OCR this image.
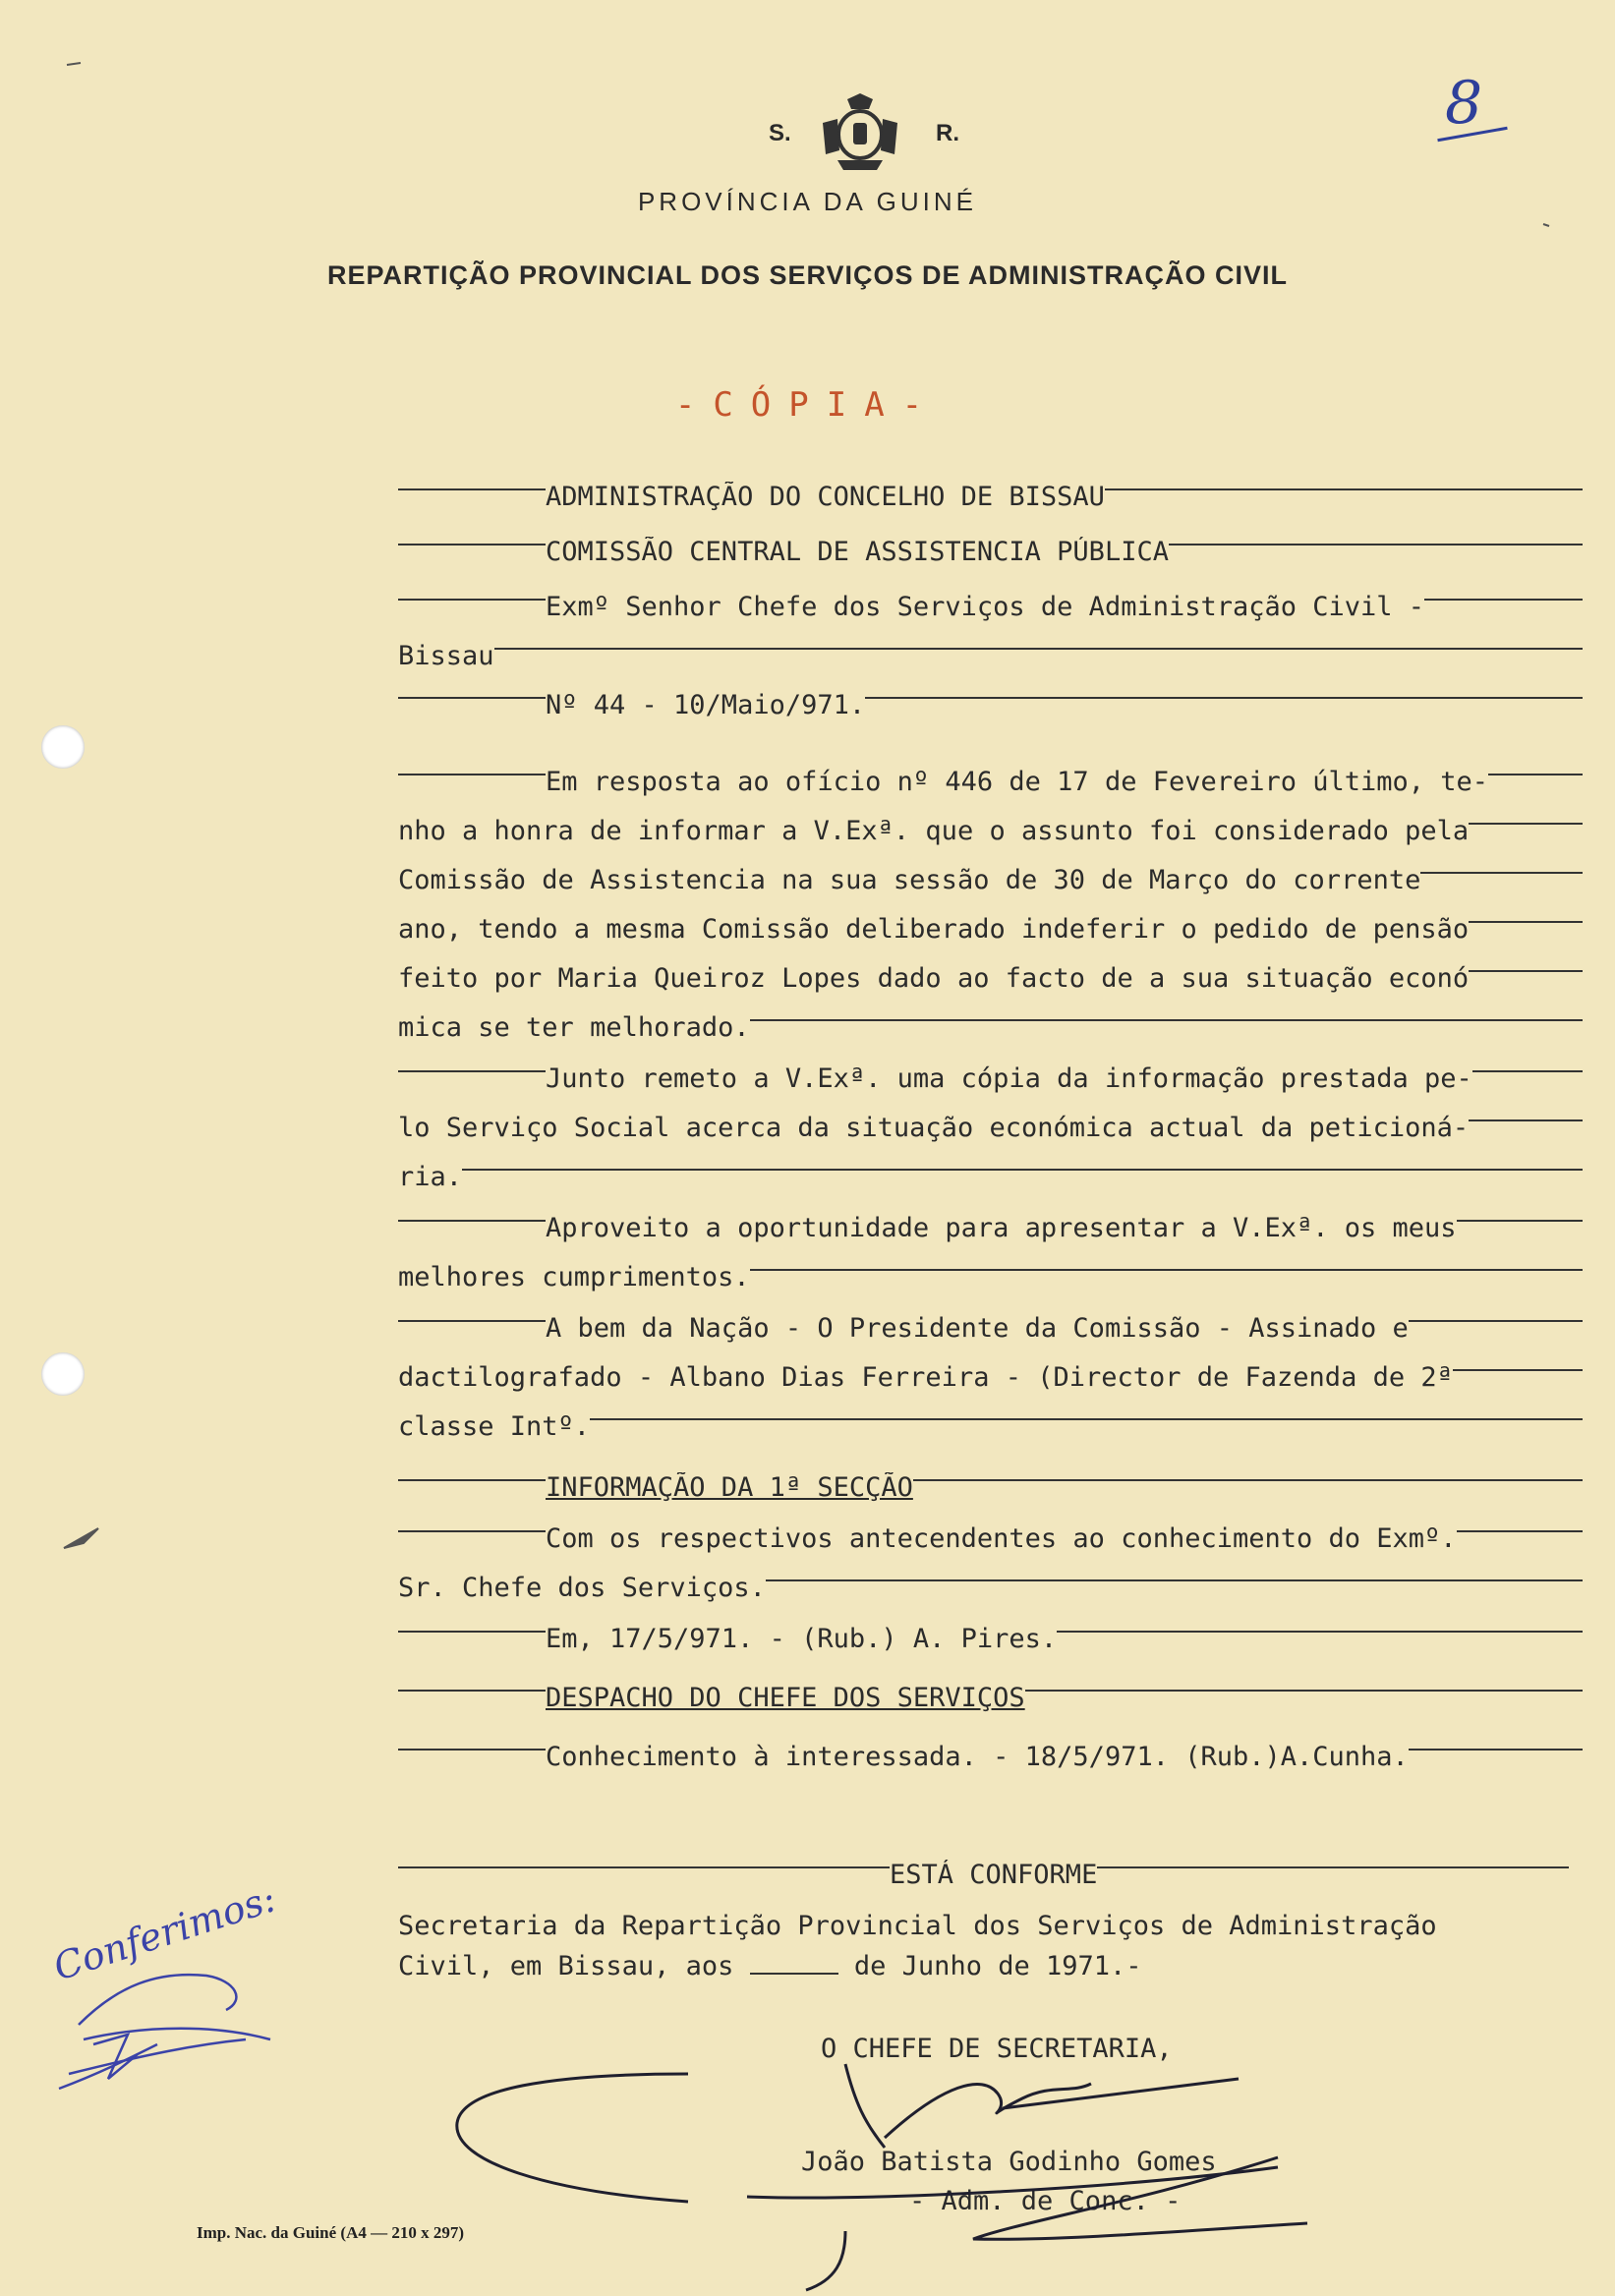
S.	R.
PROVÍNCIA DA GUINÉ
REPARTIÇÃO PROVINCIAL DOS SERVIÇOS DE ADMINISTRAÇÃO CIVIL
-CÓPIA-
8
ADMINISTRAÇÃO DO CONCELHO DE BISSAU
COMISSÃO CENTRAL DE ASSISTENCIA PÚBLICA
Exmº Senhor Chefe dos Serviços de Administração Civil -
Bissau
Nº 44 - 10/Maio/971.
Em resposta ao ofício nº 446 de 17 de Fevereiro último, te-
nho a honra de informar a V.Exª. que o assunto foi considerado pela
Comissão de Assistencia na sua sessão de 30 de Março do corrente
ano, tendo a mesma Comissão deliberado indeferir o pedido de pensão
feito por Maria Queiroz Lopes dado ao facto de a sua situação econó
mica se ter melhorado.
Junto remeto a V.Exª. uma cópia da informação prestada pe-
lo Serviço Social acerca da situação económica actual da peticioná-
ria.
Aproveito a oportunidade para apresentar a V.Exª. os meus
melhores cumprimentos.
A bem da Nação - O Presidente da Comissão - Assinado e
dactilografado - Albano Dias Ferreira - (Director de Fazenda de 2ª
classe Intº.
INFORMAÇÃO DA 1ª SECÇÃO
Com os respectivos antecendentes ao conhecimento do Exmº.
Sr. Chefe dos Serviços.
Em, 17/5/971. - (Rub.) A. Pires.
DESPACHO DO CHEFE DOS SERVIÇOS
Conhecimento à interessada. - 18/5/971. (Rub.)A.Cunha.
ESTÁ CONFORME
Secretaria da Repartição Provincial dos Serviços de Administração
Civil, em Bissau, aos	de Junho de 1971.-
O CHEFE DE SECRETARIA,
João Batista Godinho Gomes
- Adm. de Conc. -
Conferimos:
Imp. Nac. da Guiné (A4 — 210 x 297)
